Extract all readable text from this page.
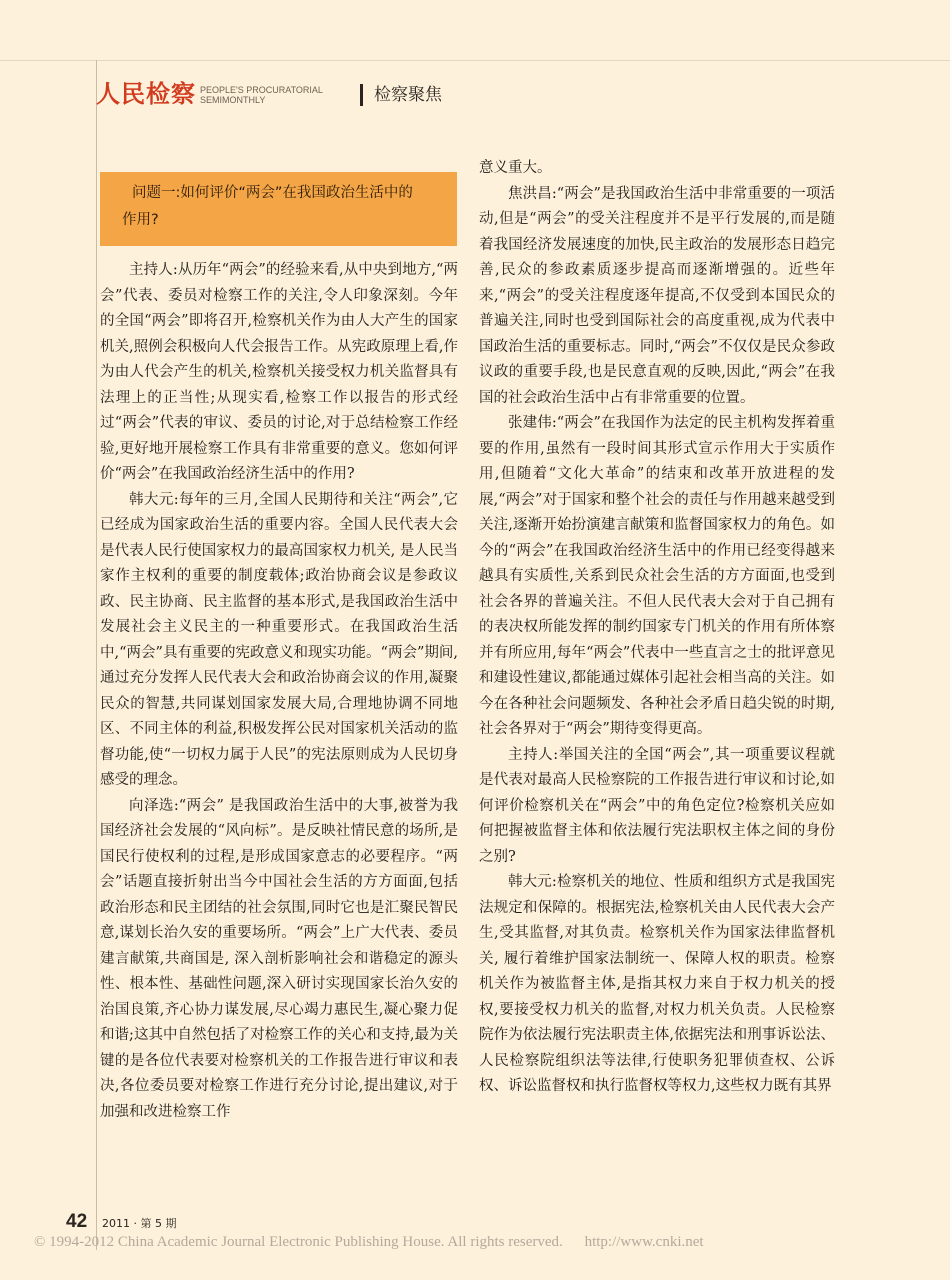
人民检察 PEOPLE'S PROCURATORIAL
SEMIMONTHLY	检察聚焦
问题一:如何评价“两会”在我国政治生活中的
作用?

主持人:从历年“两会”的经验来看,从中央到地方,“两会”代表、委员对检察工作的关注,令人印象深刻。今年的全国“两会”即将召开,检察机关作为由人大产生的国家机关,照例会积极向人代会报告工作。从宪政原理上看,作为由人代会产生的机关,检察机关接受权力机关监督具有法理上的正当性;从现实看,检察工作以报告的形式经过“两会”代表的审议、委员的讨论,对于总结检察工作经验,更好地开展检察工作具有非常重要的意义。您如何评价“两会”在我国政治经济生活中的作用?

韩大元:每年的三月,全国人民期待和关注“两会”,它已经成为国家政治生活的重要内容。全国人民代表大会是代表人民行使国家权力的最高国家权力机关, 是人民当家作主权利的重要的制度载体;政治协商会议是参政议政、民主协商、民主监督的基本形式,是我国政治生活中发展社会主义民主的一种重要形式。在我国政治生活中,“两会”具有重要的宪政意义和现实功能。“两会”期间,通过充分发挥人民代表大会和政治协商会议的作用,凝聚民众的智慧,共同谋划国家发展大局,合理地协调不同地区、不同主体的利益,积极发挥公民对国家机关活动的监督功能,使“一切权力属于人民”的宪法原则成为人民切身感受的理念。

向泽选:“两会” 是我国政治生活中的大事,被誉为我国经济社会发展的“风向标”。是反映社情民意的场所,是国民行使权利的过程,是形成国家意志的必要程序。“两会”话题直接折射出当今中国社会生活的方方面面,包括政治形态和民主团结的社会氛围,同时它也是汇聚民智民意,谋划长治久安的重要场所。“两会”上广大代表、委员建言献策,共商国是, 深入剖析影响社会和谐稳定的源头性、根本性、基础性问题,深入研讨实现国家长治久安的治国良策,齐心协力谋发展,尽心竭力惠民生,凝心聚力促和谐;这其中自然包括了对检察工作的关心和支持,最为关键的是各位代表要对检察机关的工作报告进行审议和表决,各位委员要对检察工作进行充分讨论,提出建议,对于加强和改进检察工作

意义重大。

焦洪昌:“两会”是我国政治生活中非常重要的一项活动,但是“两会”的受关注程度并不是平行发展的,而是随着我国经济发展速度的加快,民主政治的发展形态日趋完善,民众的参政素质逐步提高而逐渐增强的。近些年来,“两会”的受关注程度逐年提高,不仅受到本国民众的普遍关注,同时也受到国际社会的高度重视,成为代表中国政治生活的重要标志。同时,“两会”不仅仅是民众参政议政的重要手段,也是民意直观的反映,因此,“两会”在我国的社会政治生活中占有非常重要的位置。

张建伟:“两会”在我国作为法定的民主机构发挥着重要的作用,虽然有一段时间其形式宣示作用大于实质作用,但随着“文化大革命”的结束和改革开放进程的发展,“两会”对于国家和整个社会的责任与作用越来越受到关注,逐渐开始扮演建言献策和监督国家权力的角色。如今的“两会”在我国政治经济生活中的作用已经变得越来越具有实质性,关系到民众社会生活的方方面面,也受到社会各界的普遍关注。不但人民代表大会对于自己拥有的表决权所能发挥的制约国家专门机关的作用有所体察并有所应用,每年“两会”代表中一些直言之士的批评意见和建设性建议,都能通过媒体引起社会相当高的关注。如今在各种社会问题频发、各种社会矛盾日趋尖锐的时期,社会各界对于“两会”期待变得更高。

主持人:举国关注的全国“两会”,其一项重要议程就是代表对最高人民检察院的工作报告进行审议和讨论,如何评价检察机关在“两会”中的角色定位?检察机关应如何把握被监督主体和依法履行宪法职权主体之间的身份之别?

韩大元:检察机关的地位、性质和组织方式是我国宪法规定和保障的。根据宪法,检察机关由人民代表大会产生,受其监督,对其负责。检察机关作为国家法律监督机关, 履行着维护国家法制统一、保障人权的职责。检察机关作为被监督主体,是指其权力来自于权力机关的授权,要接受权力机关的监督,对权力机关负责。人民检察院作为依法履行宪法职责主体,依据宪法和刑事诉讼法、人民检察院组织法等法律,行使职务犯罪侦查权、公诉权、诉讼监督权和执行监督权等权力,这些权力既有其界

42 2011 · 第 5 期
© 1994-2012 China Academic Journal Electronic Publishing House. All rights reserved. http://www.cnki.net
